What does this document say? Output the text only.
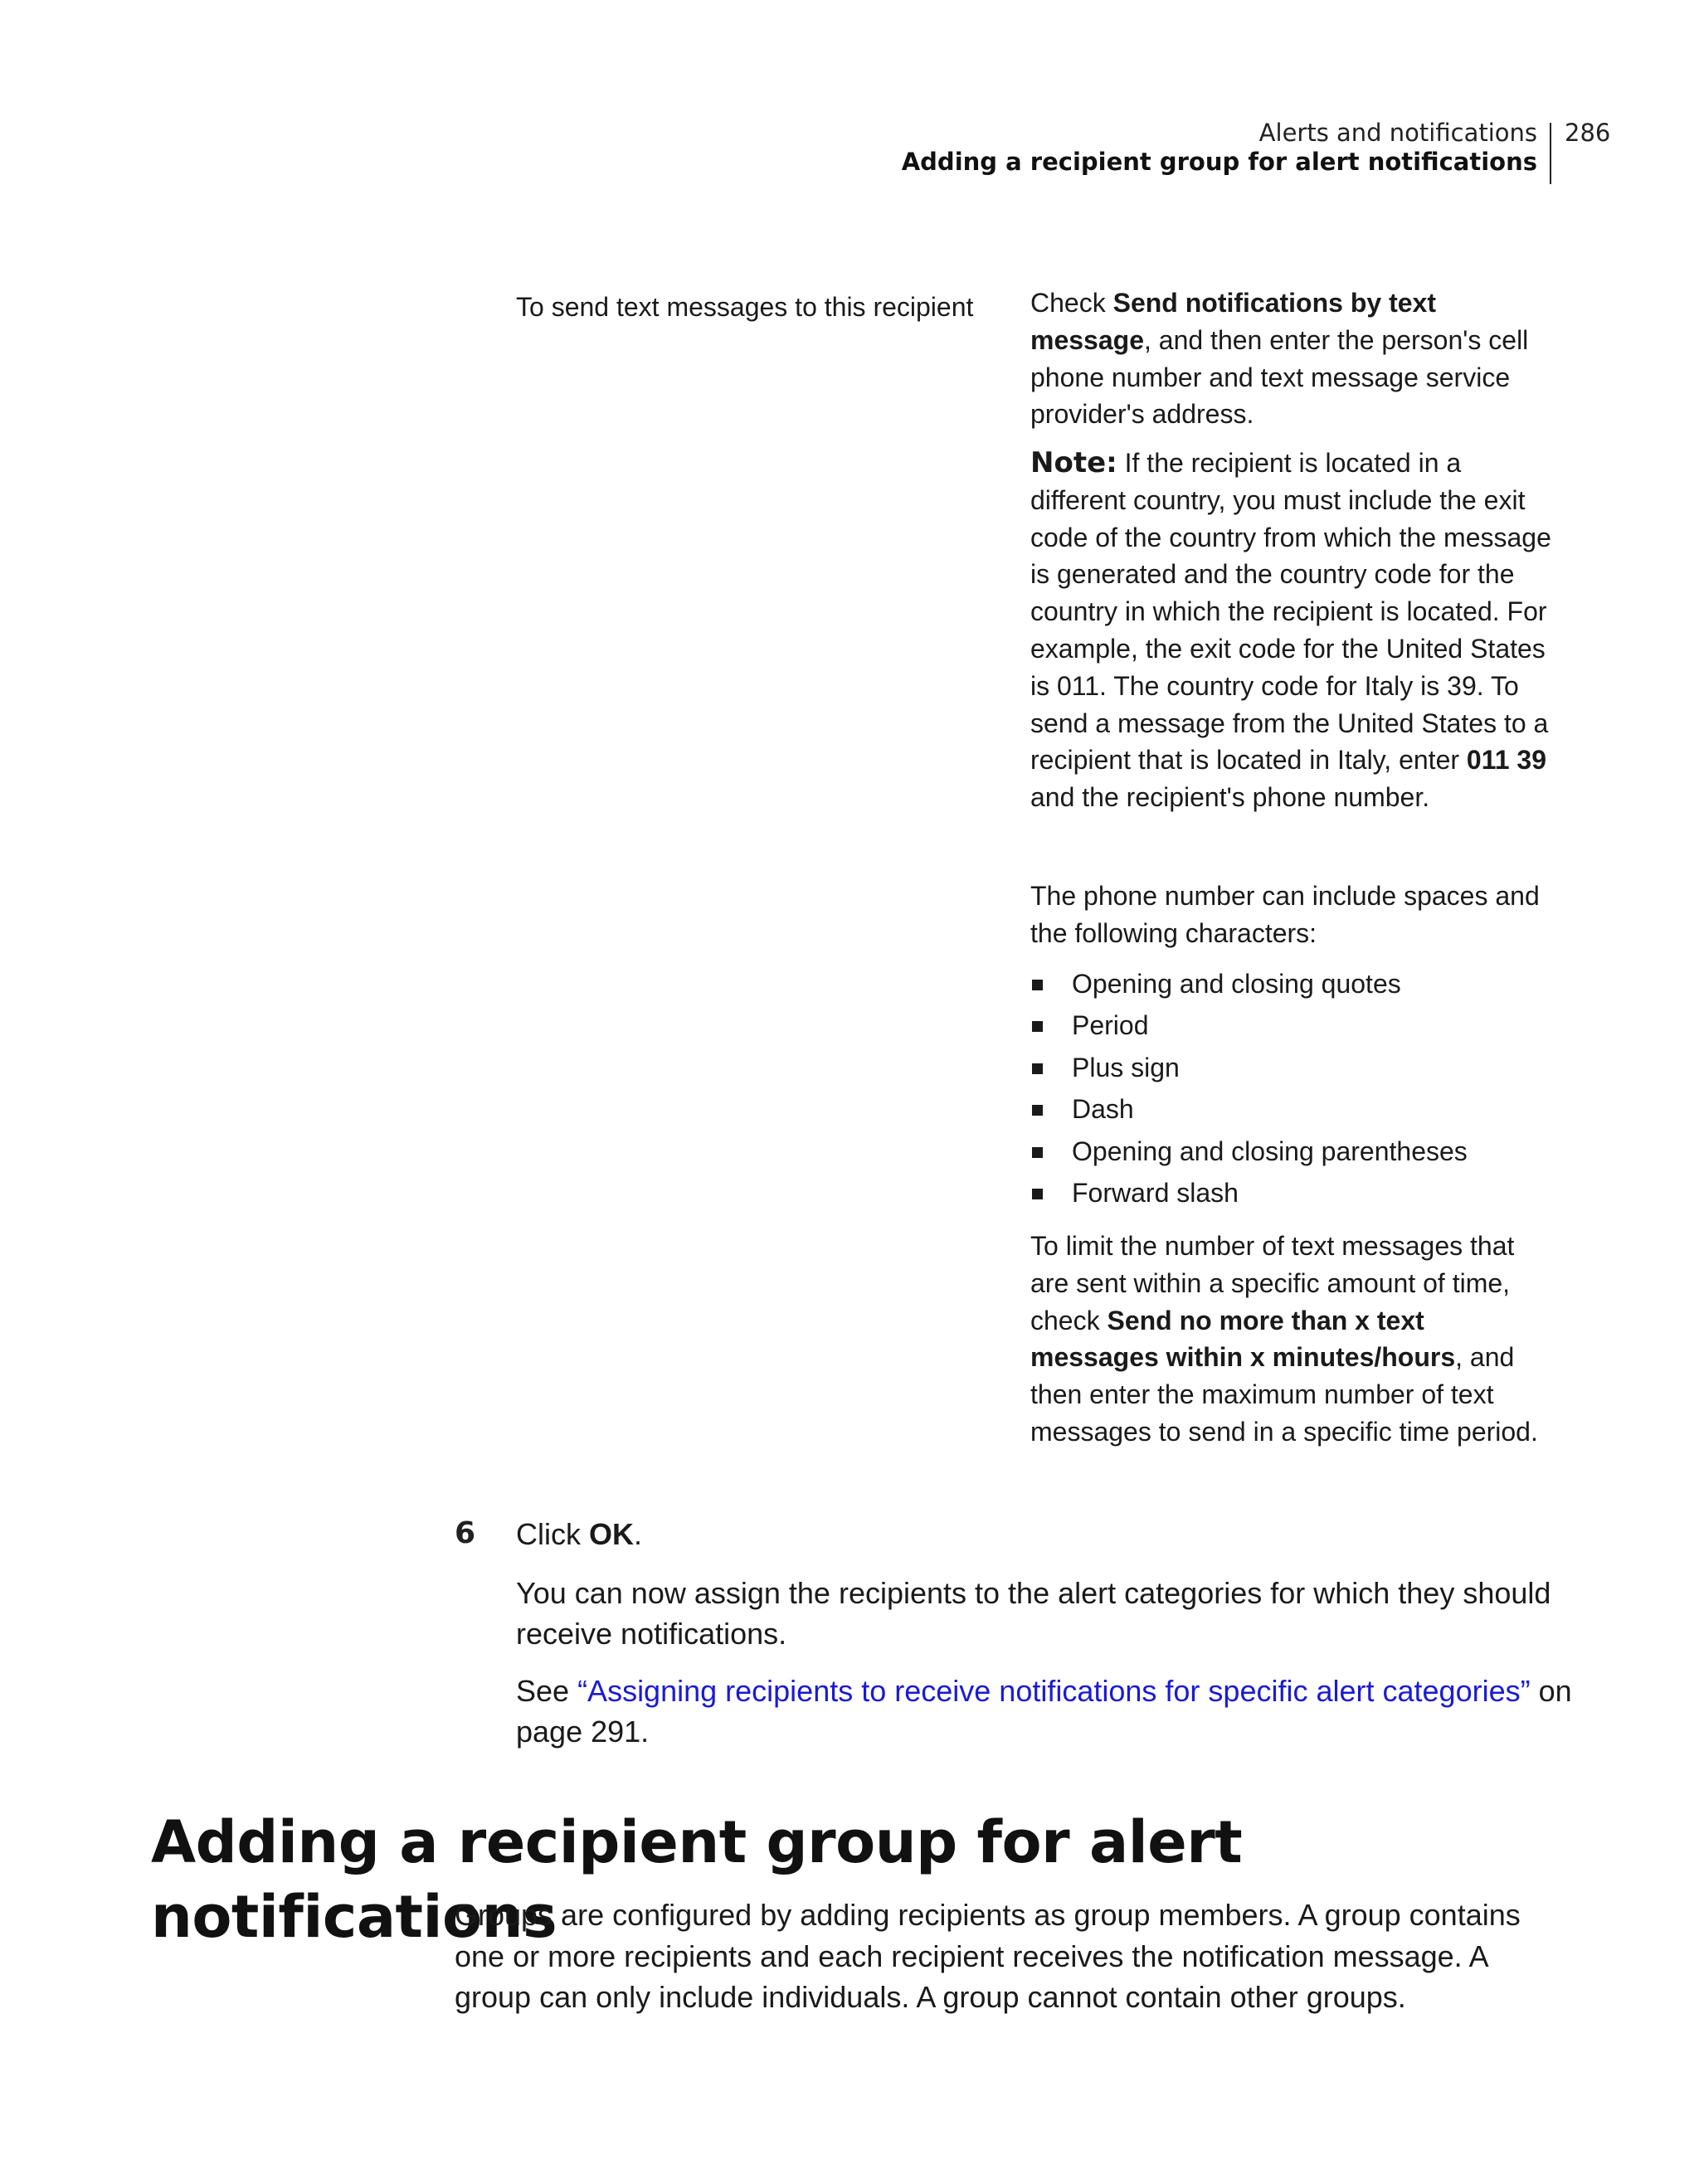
Alerts and notifications
Adding a recipient group for alert notifications
286
To send text messages to this recipient Check Send notifications by text message, and then enter the person's cell phone number and text message service provider's address.
Note: If the recipient is located in a different country, you must include the exit code of the country from which the message is generated and the country code for the country in which the recipient is located. For example, the exit code for the United States is 011. The country code for Italy is 39. To send a message from the United States to a recipient that is located in Italy, enter 011 39 and the recipient's phone number.
The phone number can include spaces and the following characters:
Opening and closing quotes
Period
Plus sign
Dash
Opening and closing parentheses
Forward slash
To limit the number of text messages that are sent within a specific amount of time, check Send no more than x text messages within x minutes/hours, and then enter the maximum number of text messages to send in a specific time period.
6 Click OK.
You can now assign the recipients to the alert categories for which they should receive notifications.
See “Assigning recipients to receive notifications for specific alert categories” on page 291.
Adding a recipient group for alert notifications
Groups are configured by adding recipients as group members. A group contains one or more recipients and each recipient receives the notification message. A group can only include individuals. A group cannot contain other groups.
